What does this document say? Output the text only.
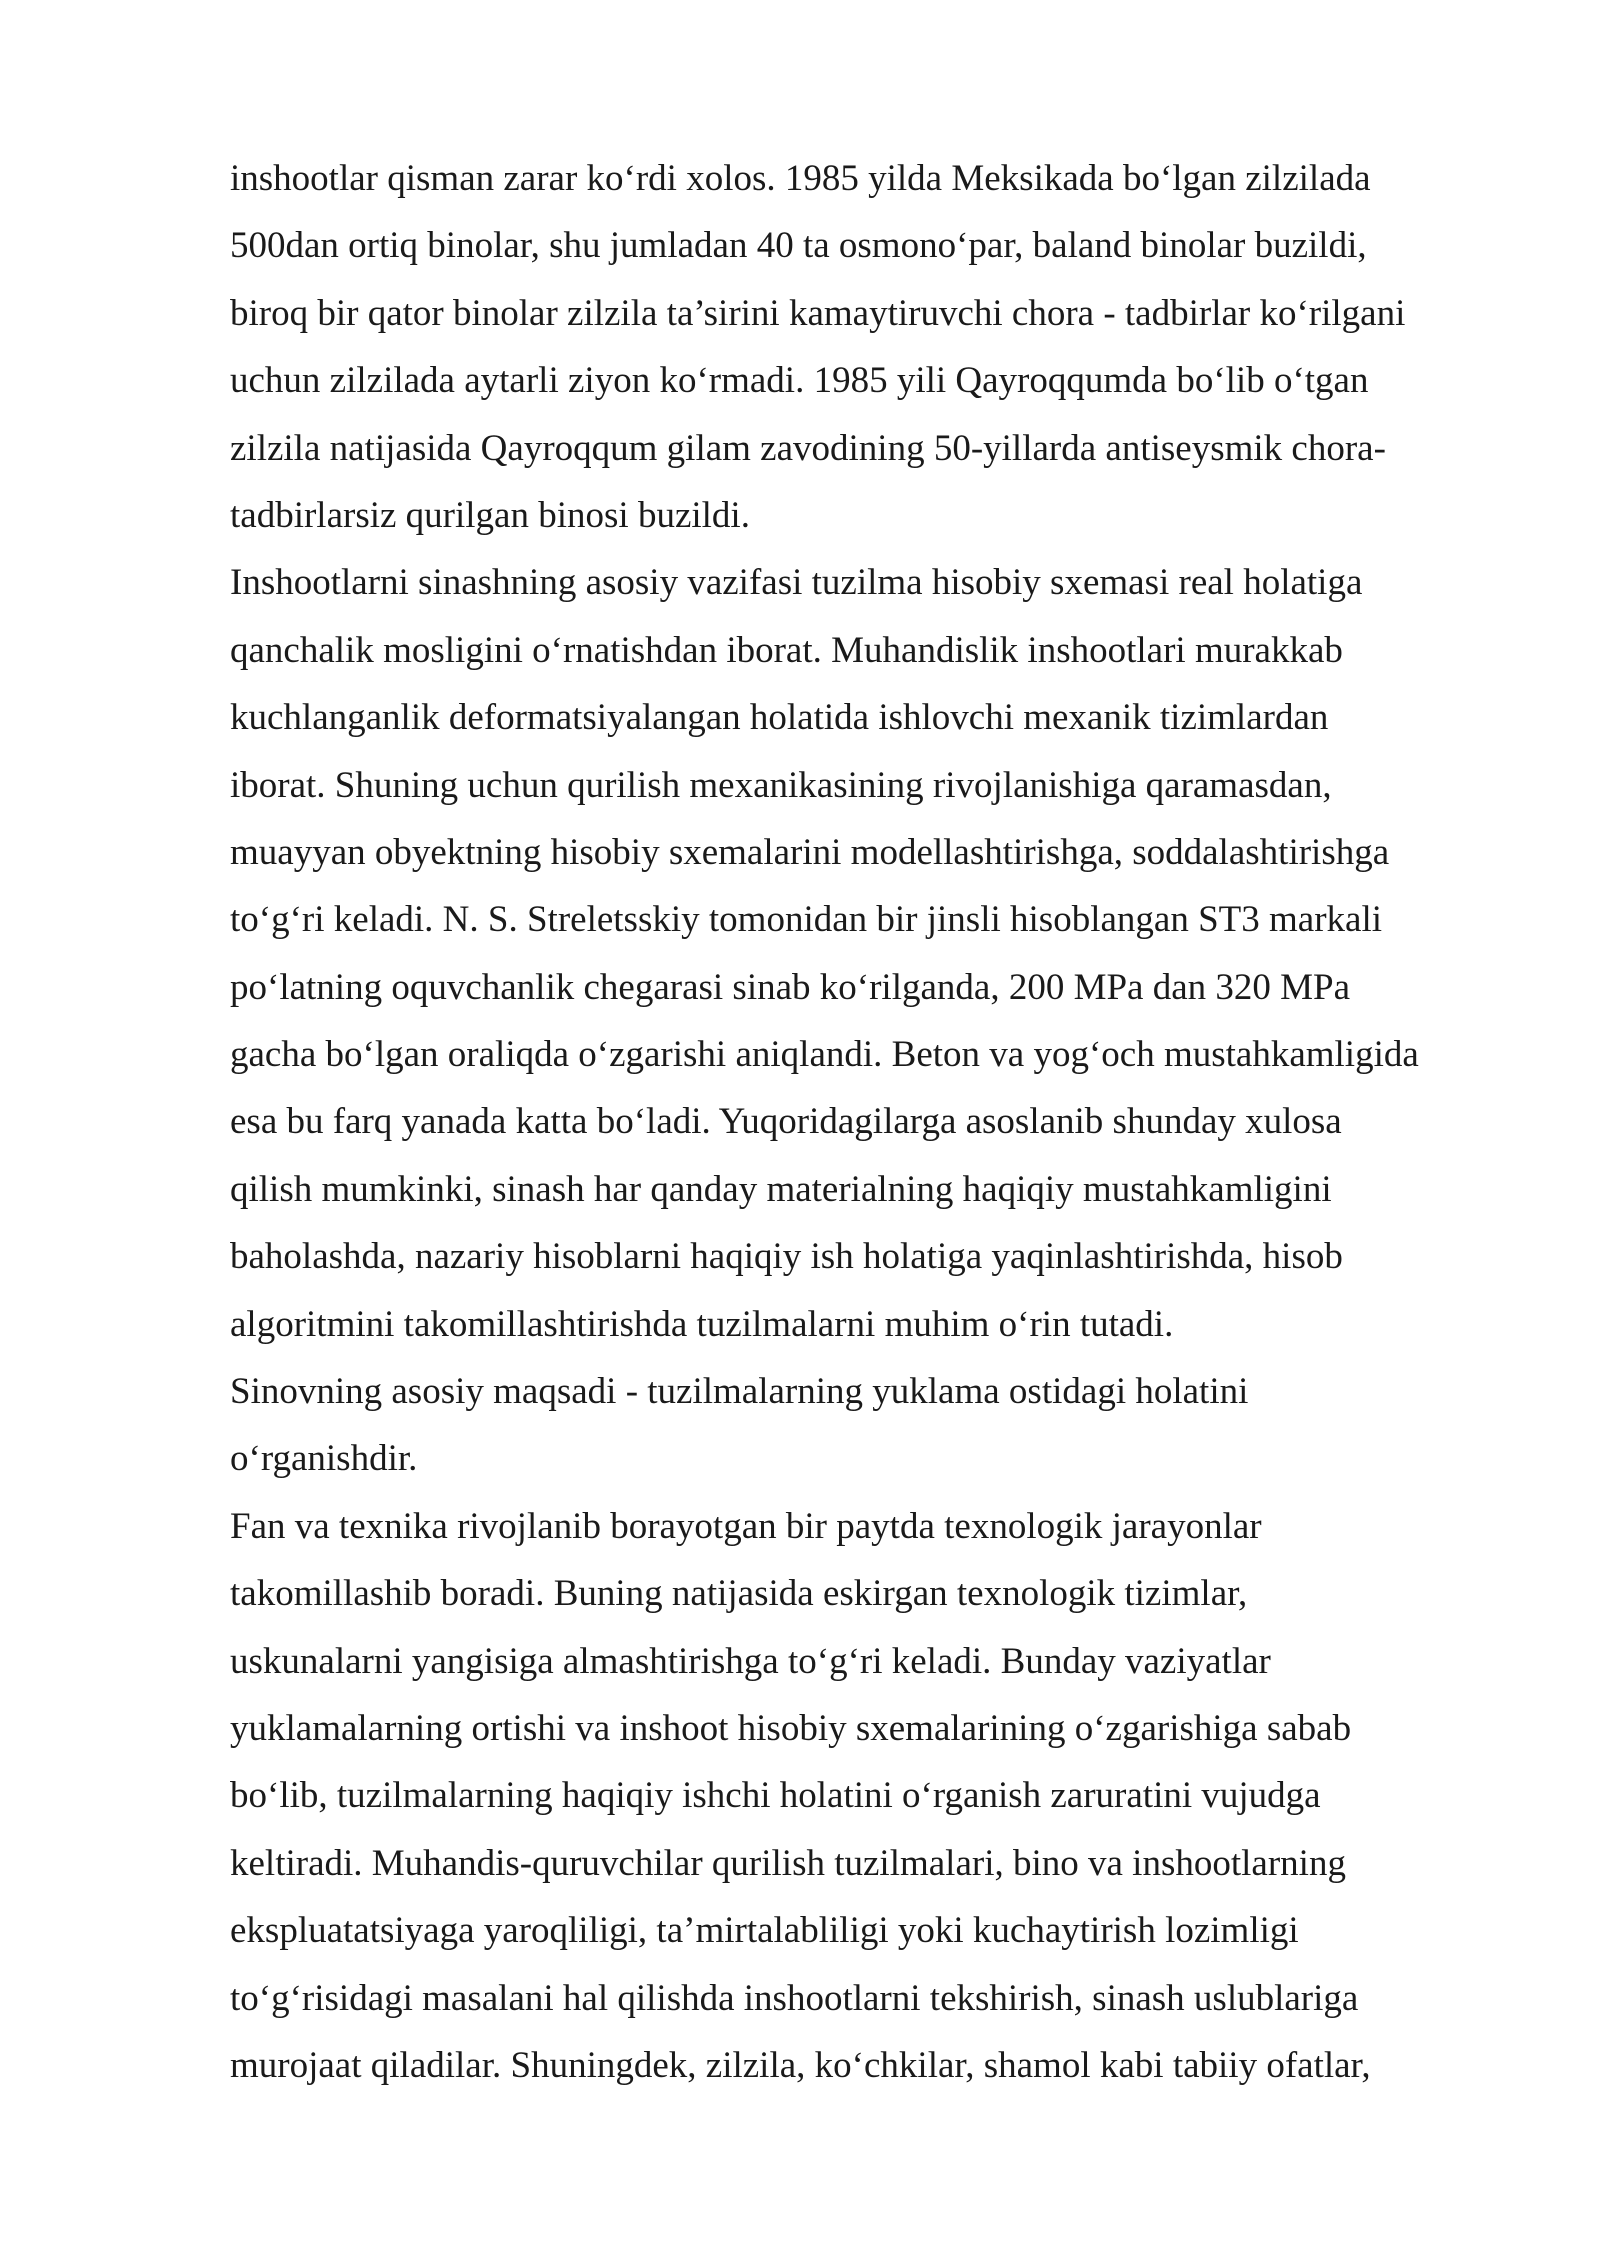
inshootlar qisman zarar ko‘rdi xolos. 1985 yilda Meksikada bo‘lgan zilzilada
500dan ortiq binolar, shu jumladan 40 ta osmono‘par, baland binolar buzildi,
biroq bir qator binolar zilzila ta’sirini kamaytiruvchi chora - tadbirlar ko‘rilgani
uchun zilzilada aytarli ziyon ko‘rmadi. 1985 yili Qayroqqumda bo‘lib o‘tgan
zilzila natijasida Qayroqqum gilam zavodining 50-yillarda antiseysmik chora-
tadbirlarsiz qurilgan binosi buzildi.
Inshootlarni sinashning asosiy vazifasi tuzilma hisobiy sxemasi real holatiga
qanchalik mosligini o‘rnatishdan iborat. Muhandislik inshootlari murakkab
kuchlanganlik deformatsiyalangan holatida ishlovchi mexanik tizimlardan
iborat. Shuning uchun qurilish mexanikasining rivojlanishiga qaramasdan,
muayyan obyektning hisobiy sxemalarini modellashtirishga, soddalashtirishga
to‘g‘ri keladi. N. S. Streletsskiy tomonidan bir jinsli hisoblangan ST3 markali
po‘latning oquvchanlik chegarasi sinab ko‘rilganda, 200 MPa dan 320 MPa
gacha bo‘lgan oraliqda o‘zgarishi aniqlandi. Beton va yog‘och mustahkamligida
esa bu farq yanada katta bo‘ladi. Yuqoridagilarga asoslanib shunday xulosa
qilish mumkinki, sinash har qanday materialning haqiqiy mustahkamligini
baholashda, nazariy hisoblarni haqiqiy ish holatiga yaqinlashtirishda, hisob
algoritmini takomillashtirishda tuzilmalarni muhim o‘rin tutadi.
Sinovning asosiy maqsadi - tuzilmalarning yuklama ostidagi holatini
o‘rganishdir.
Fan va texnika rivojlanib borayotgan bir paytda texnologik jarayonlar
takomillashib boradi. Buning natijasida eskirgan texnologik tizimlar,
uskunalarni yangisiga almashtirishga to‘g‘ri keladi. Bunday vaziyatlar
yuklamalarning ortishi va inshoot hisobiy sxemalarining o‘zgarishiga sabab
bo‘lib, tuzilmalarning haqiqiy ishchi holatini o‘rganish zaruratini vujudga
keltiradi. Muhandis-quruvchilar qurilish tuzilmalari, bino va inshootlarning
ekspluatatsiyaga yaroqliligi, ta’mirtalabliligi yoki kuchaytirish lozimligi
to‘g‘risidagi masalani hal qilishda inshootlarni tekshirish, sinash uslublariga
murojaat qiladilar. Shuningdek, zilzila, ko‘chkilar, shamol kabi tabiiy ofatlar,
